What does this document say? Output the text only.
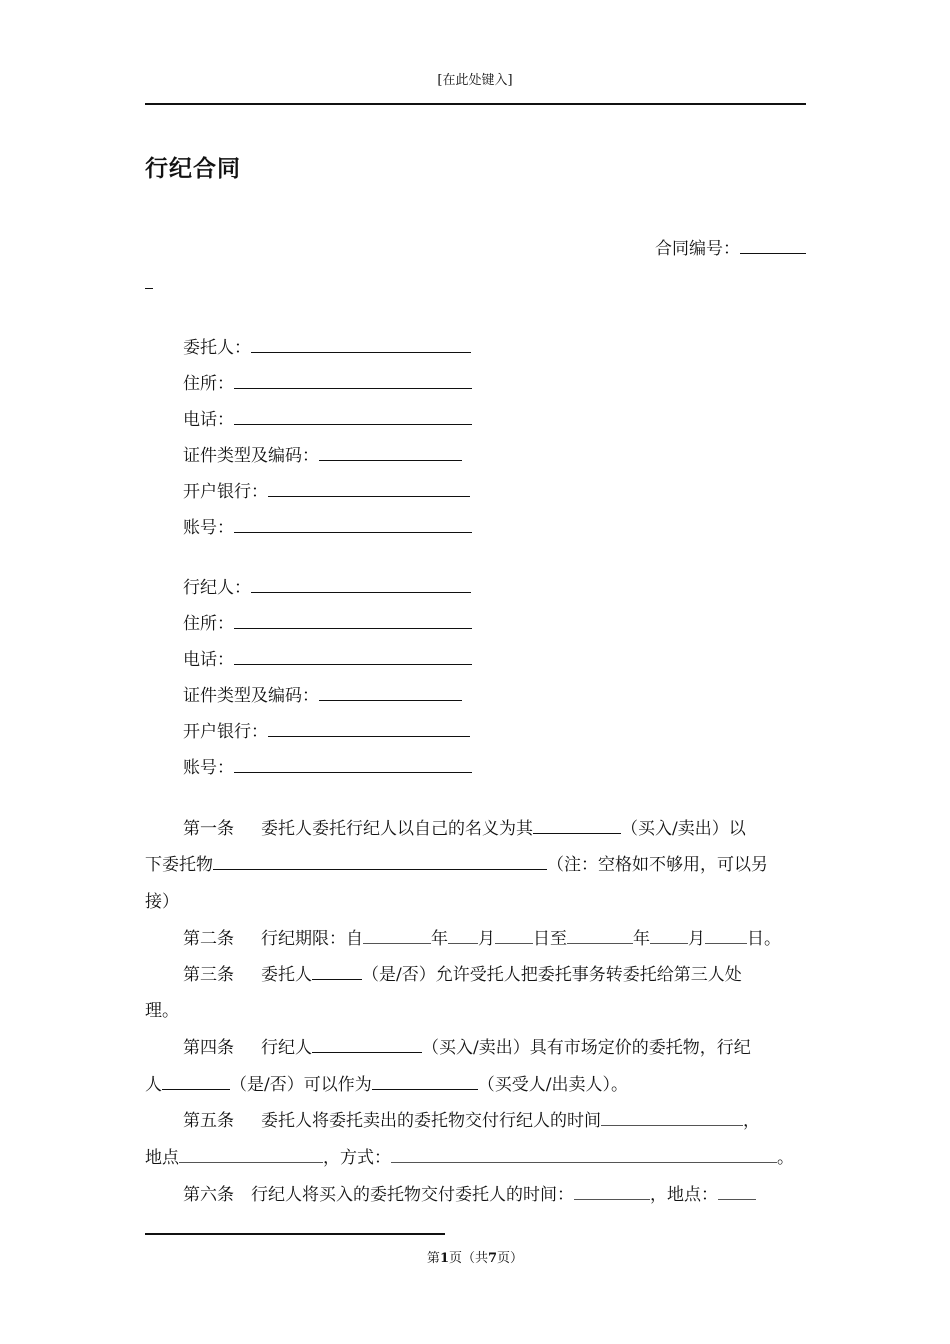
[在此处键入]
行纪合同
合同编号：
委托人：
住所：
电话：
证件类型及编码：
开户银行：
账号：
行纪人：
住所：
电话：
证件类型及编码：
开户银行：
账号：
第一条 委托人委托行纪人以自己的名义为其	（买入/卖出）以
下委托物	（注：空格如不够用，可以另
接）
第二条 行纪期限：自	年 月 日至	年 月 日。
第三条 委托人	（是/否）允许受托人把委托事务转委托给第三人处
理。
第四条 行纪人	（买入/卖出）具有市场定价的委托物，行纪
人	（是/否）可以作为	（买受人/出卖人）。
第五条 委托人将委托卖出的委托物交付行纪人的时间	，
地点	，方式：	。
第六条 行纪人将买入的委托物交付委托人的时间：	，地点：
第1页（共7页）
